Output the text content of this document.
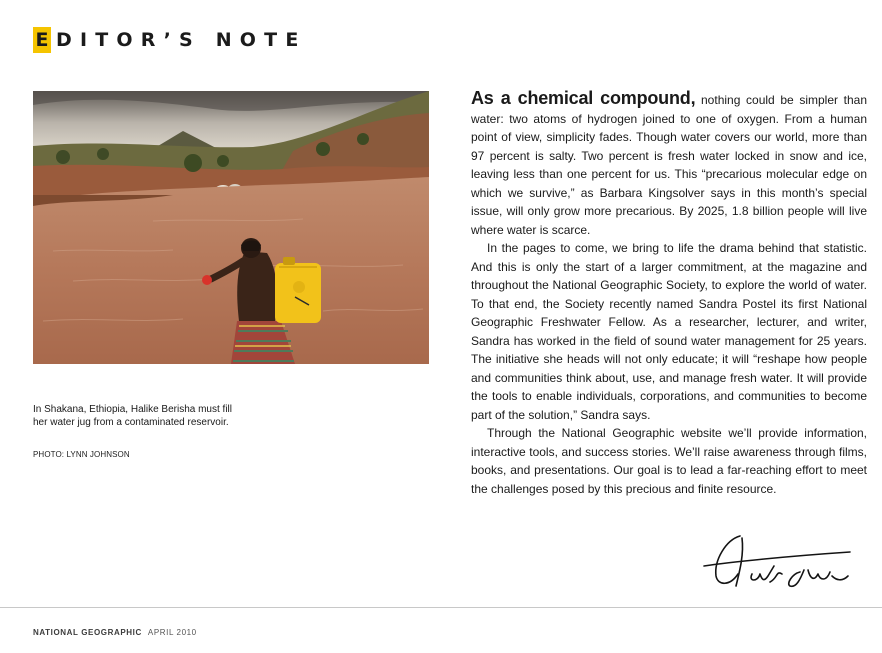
E DITOR’S NOTE
In Shakana, Ethiopia, Halike Berisha must fill her water jug from a contaminated reservoir.
PHOTO: LYNN JOHNSON

As a chemical compound, nothing could be simpler than water: two atoms of hydrogen joined to one of oxygen. From a human point of view, simplicity fades. Though water covers our world, more than 97 percent is salty. Two percent is fresh water locked in snow and ice, leaving less than one percent for us. This “precarious molecular edge on which we survive,” as Barbara Kingsolver says in this month’s special issue, will only grow more precarious. By 2025, 1.8 billion people will live where water is scarce.

In the pages to come, we bring to life the drama behind that statistic. And this is only the start of a larger commitment, at the magazine and throughout the National Geographic Society, to explore the world of water. To that end, the Society recently named Sandra Postel its first National Geographic Freshwater Fellow. As a researcher, lecturer, and writer, Sandra has worked in the field of sound water management for 25 years. The initiative she heads will not only educate; it will “reshape how people and communities think about, use, and manage fresh water. It will provide the tools to enable individuals, corporations, and communities to become part of the solution,” Sandra says.

Through the National Geographic website we’ll provide information, interactive tools, and success stories. We’ll raise awareness through films, books, and presentations. Our goal is to lead a far-reaching effort to meet the challenges posed by this precious and finite resource.

NATIONAL GEOGRAPHIC APRIL 2010
